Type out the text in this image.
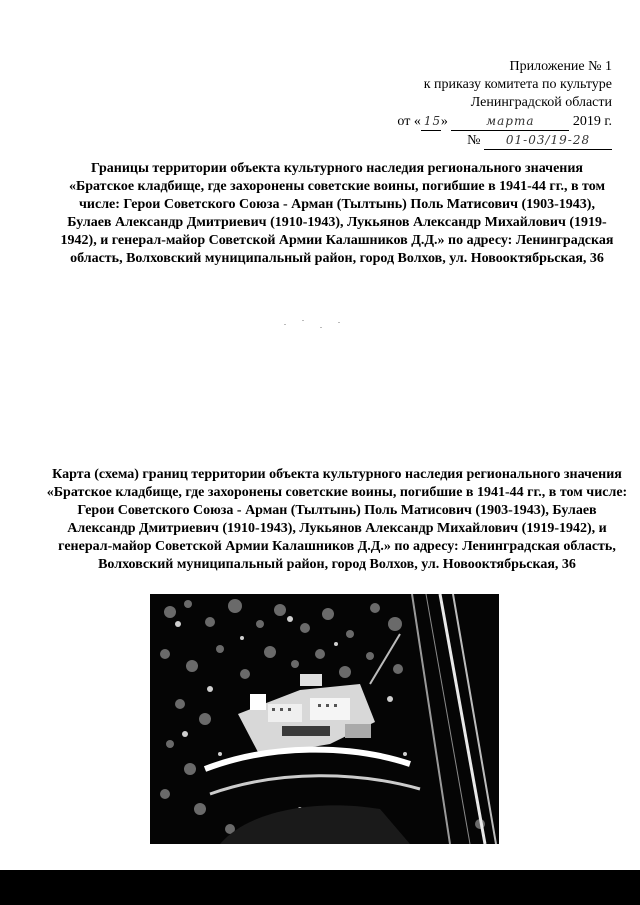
Приложение № 1
к приказу комитета по культуре
Ленинградской области
от « 15»	марта	2019 г.
№ 01-03/19-28
Границы территории объекта культурного наследия регионального значения «Братское кладбище, где захоронены советские воины, погибшие в 1941-44 гг., в том числе: Герои Советского Союза - Арман (Тылтынь) Поль Матисович (1903-1943), Булаев Александр Дмитриевич (1910-1943), Лукьянов Александр Михайлович (1919-1942), и генерал-майор Советской Армии Калашников Д.Д.» по адресу: Ленинградская область, Волховский муниципальный район, город Волхов, ул. Новооктябрьская, 36
Карта (схема) границ территории объекта культурного наследия регионального значения «Братское кладбище, где захоронены советские воины, погибшие в 1941-44 гг., в том числе: Герои Советского Союза - Арман (Тылтынь) Поль Матисович (1903-1943), Булаев Александр Дмитриевич (1910-1943), Лукьянов Александр Михайлович (1919-1942), и генерал-майор Советской Армии Калашников Д.Д.» по адресу: Ленинградская область, Волховский муниципальный район, город Волхов, ул. Новооктябрьская, 36
